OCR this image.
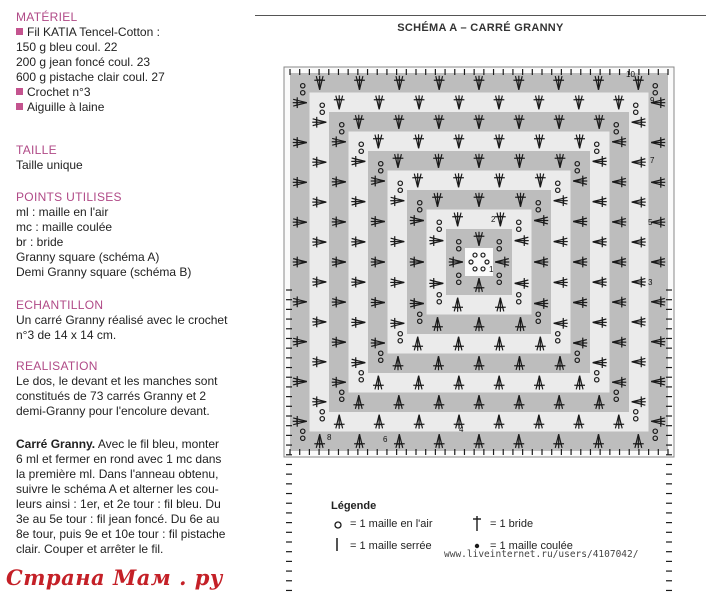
MATÉRIEL

Fil KATIA Tencel-Cotton :
150 g bleu coul. 22
200 g jean foncé coul. 23
600 g pistache clair coul. 27
Crochet n°3
Aiguille à laine

TAILLE

Taille unique

POINTS UTILISES

ml : maille en l'air
mc : maille coulée
br : bride
Granny square (schéma A)
Demi Granny square (schéma B)

ECHANTILLON

Un carré Granny réalisé avec le crochet
n°3 de 14 x 14 cm.

REALISATION

Le dos, le devant et les manches sont
constitués de 73 carrés Granny et 2
demi-Granny pour l'encolure devant.
Carré Granny. Avec le fil bleu, monter
6 ml et fermer en rond avec 1 mc dans
la première ml. Dans l'anneau obtenu,
suivre le schéma A et alterner les cou-
leurs ainsi : 1er, et 2e tour : fil bleu. Du
3e au 5e tour : fil jean foncé. Du 6e au
8e tour, puis 9e et 10e tour : fil pistache
clair. Couper et arrêter le fil.
SCHÉMA A – CARRÉ GRANNY
10
9
7
5
3
2
1
4
6
8
Légende
= 1 maille en l'air
= 1 maille serrée
= 1 bride
= 1 maille coulée
www.liveinternet.ru/users/4107042/
Страна Мам . ру
